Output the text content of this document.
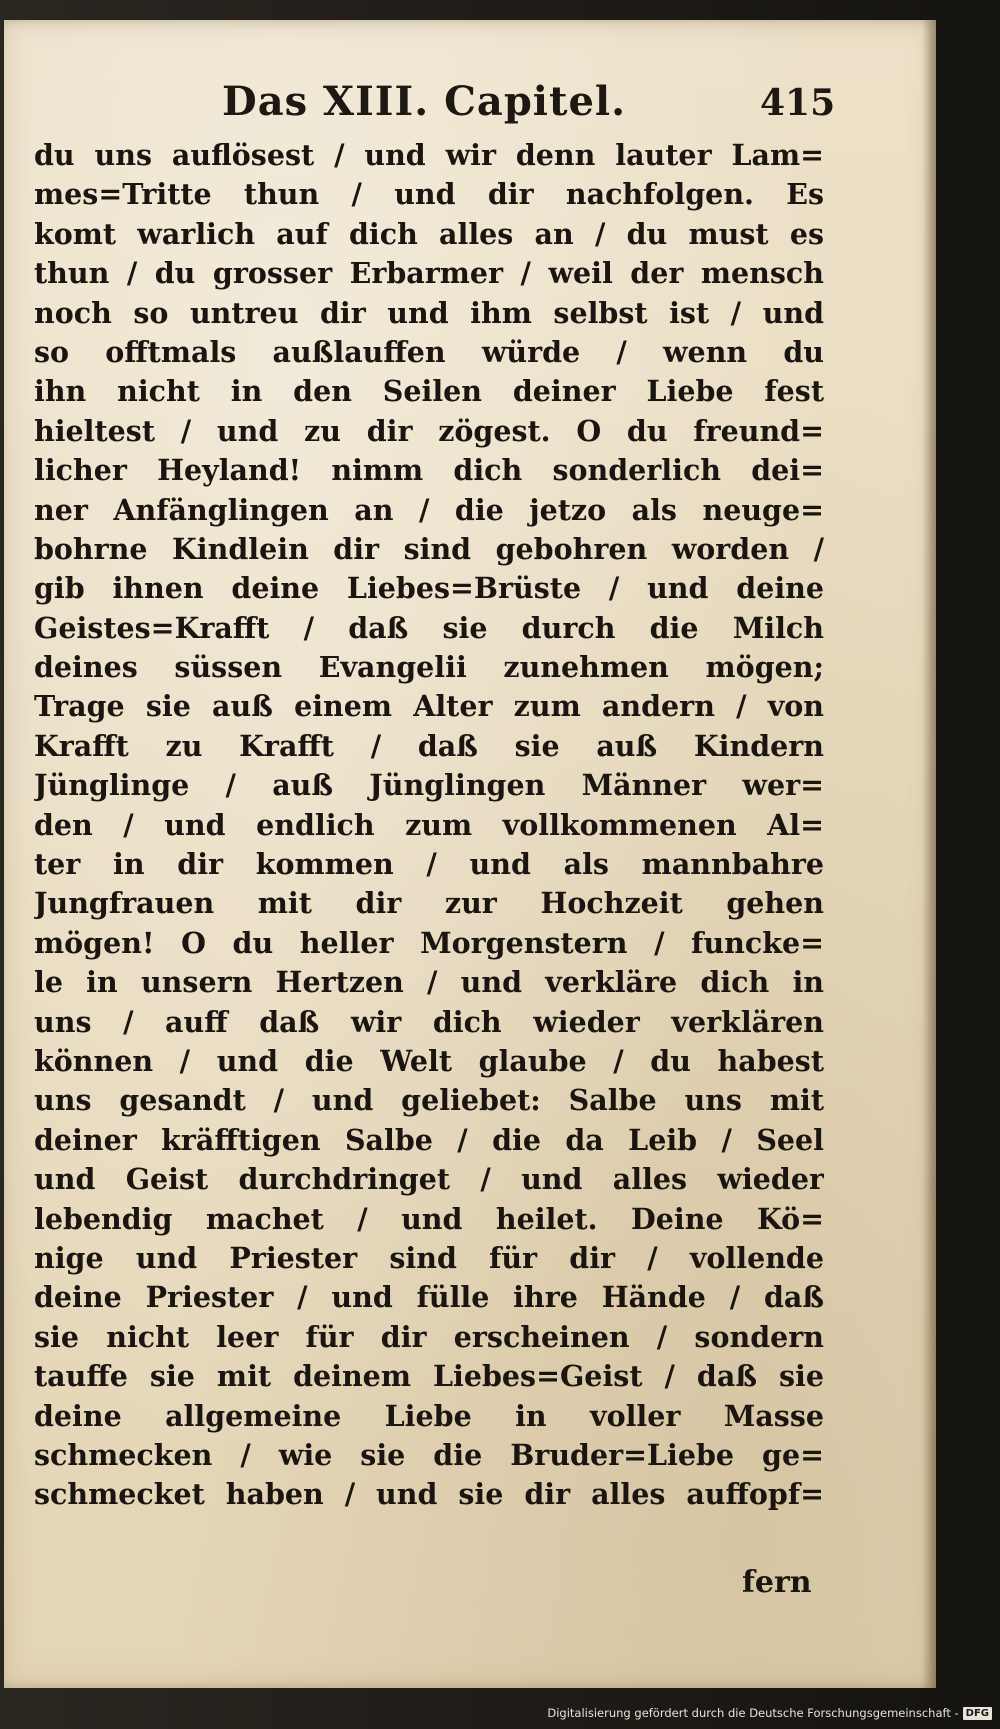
Das XIII. Capitel.	415
du uns auflösest / und wir denn lauter Lam=
mes=Tritte thun / und dir nachfolgen. Es
komt warlich auf dich alles an / du must es
thun / du grosser Erbarmer / weil der mensch
noch so untreu dir und ihm selbst ist / und
so offtmals außlauffen würde / wenn du
ihn nicht in den Seilen deiner Liebe fest
hieltest / und zu dir zögest. O du freund=
licher Heyland! nimm dich sonderlich dei=
ner Anfänglingen an / die jetzo als neuge=
bohrne Kindlein dir sind gebohren worden /
gib ihnen deine Liebes=Brüste / und deine
Geistes=Krafft / daß sie durch die Milch
deines süssen Evangelii zunehmen mögen;
Trage sie auß einem Alter zum andern / von
Krafft zu Krafft / daß sie auß Kindern
Jünglinge / auß Jünglingen Männer wer=
den / und endlich zum vollkommenen Al=
ter in dir kommen / und als mannbahre
Jungfrauen mit dir zur Hochzeit gehen
mögen! O du heller Morgenstern / funcke=
le in unsern Hertzen / und verkläre dich in
uns / auff daß wir dich wieder verklären
können / und die Welt glaube / du habest
uns gesandt / und geliebet: Salbe uns mit
deiner kräfftigen Salbe / die da Leib / Seel
und Geist durchdringet / und alles wieder
lebendig machet / und heilet. Deine Kö=
nige und Priester sind für dir / vollende
deine Priester / und fülle ihre Hände / daß
sie nicht leer für dir erscheinen / sondern
tauffe sie mit deinem Liebes=Geist / daß sie
deine allgemeine Liebe in voller Masse
schmecken / wie sie die Bruder=Liebe ge=
schmecket haben / und sie dir alles auffopf=
fern
Digitalisierung gefördert durch die Deutsche Forschungsgemeinschaft - DFG
